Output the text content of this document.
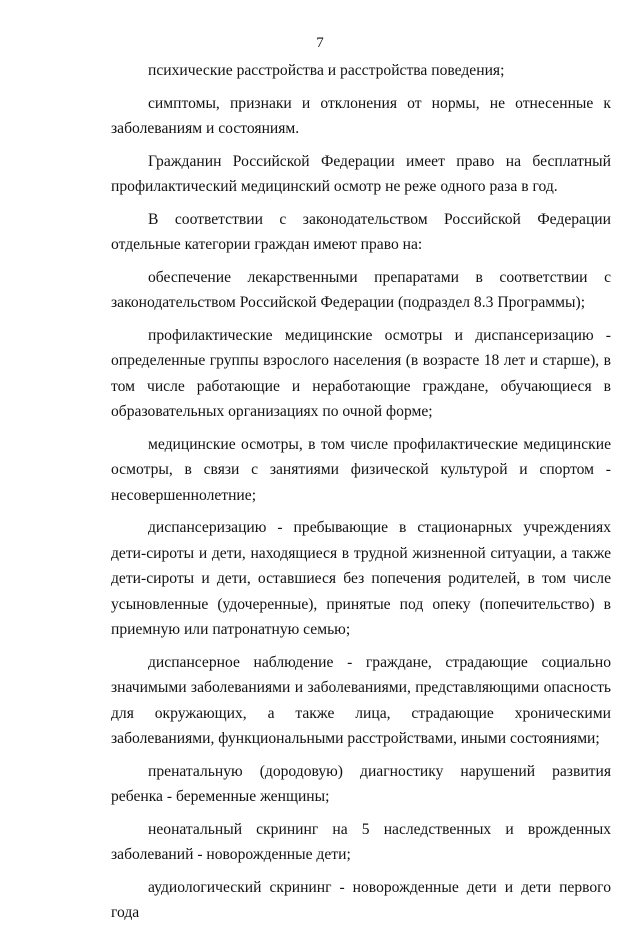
7

психические расстройства и расстройства поведения;

симптомы, признаки и отклонения от нормы, не отнесенные к заболеваниям и состояниям.

Гражданин Российской Федерации имеет право на бесплатный профилактический медицинский осмотр не реже одного раза в год.

В соответствии с законодательством Российской Федерации отдельные категории граждан имеют право на:

обеспечение лекарственными препаратами в соответствии с законодательством Российской Федерации (подраздел 8.3 Программы);

профилактические медицинские осмотры и диспансеризацию - определенные группы взрослого населения (в возрасте 18 лет и старше), в том числе работающие и неработающие граждане, обучающиеся в образовательных организациях по очной форме;

медицинские осмотры, в том числе профилактические медицинские осмотры, в связи с занятиями физической культурой и спортом - несовершеннолетние;

диспансеризацию - пребывающие в стационарных учреждениях дети-сироты и дети, находящиеся в трудной жизненной ситуации, а также дети-сироты и дети, оставшиеся без попечения родителей, в том числе усыновленные (удочеренные), принятые под опеку (попечительство) в приемную или патронатную семью;

диспансерное наблюдение - граждане, страдающие социально значимыми заболеваниями и заболеваниями, представляющими опасность для окружающих, а также лица, страдающие хроническими заболеваниями, функциональными расстройствами, иными состояниями;

пренатальную (дородовую) диагностику нарушений развития ребенка - беременные женщины;

неонатальный скрининг на 5 наследственных и врожденных заболеваний - новорожденные дети;

аудиологический скрининг - новорожденные дети и дети первого года
